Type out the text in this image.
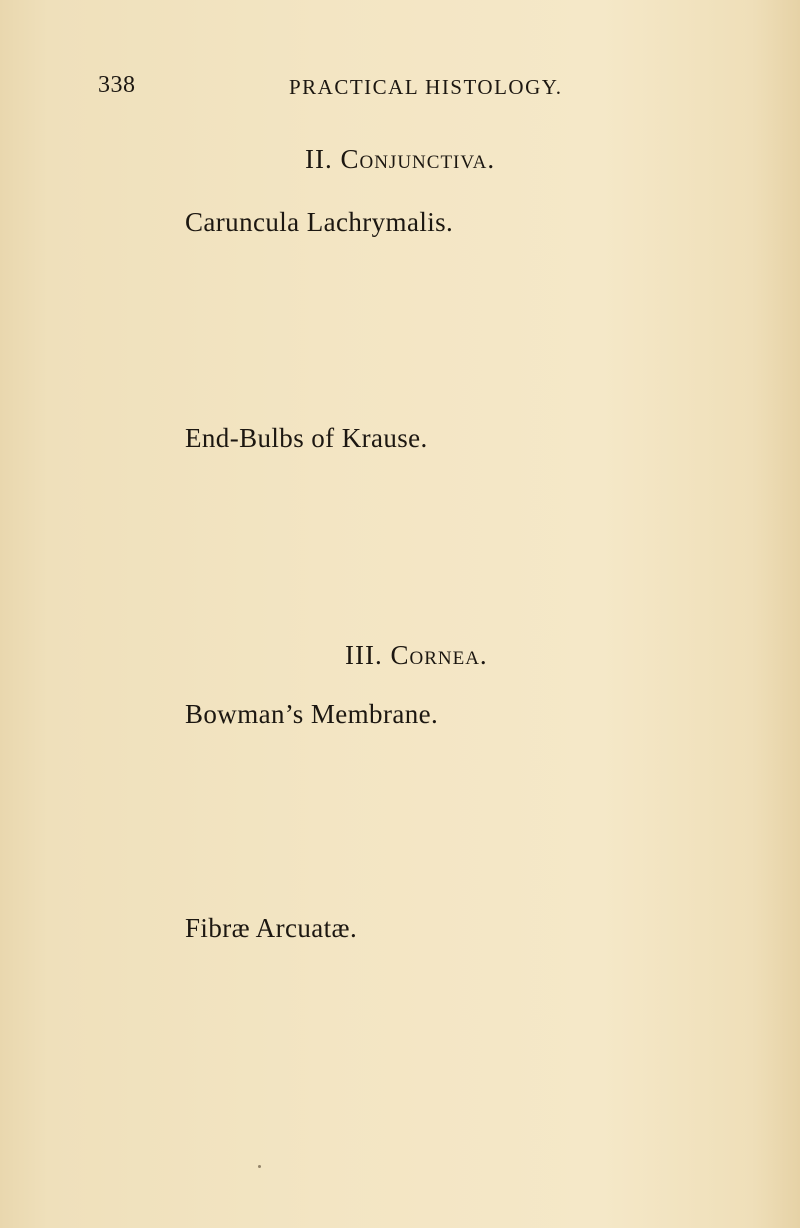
338	PRACTICAL HISTOLOGY.
II. Conjunctiva.
Caruncula Lachrymalis.
End-Bulbs of Krause.
III. Cornea.
Bowman’s Membrane.
Fibræ Arcuatæ.
